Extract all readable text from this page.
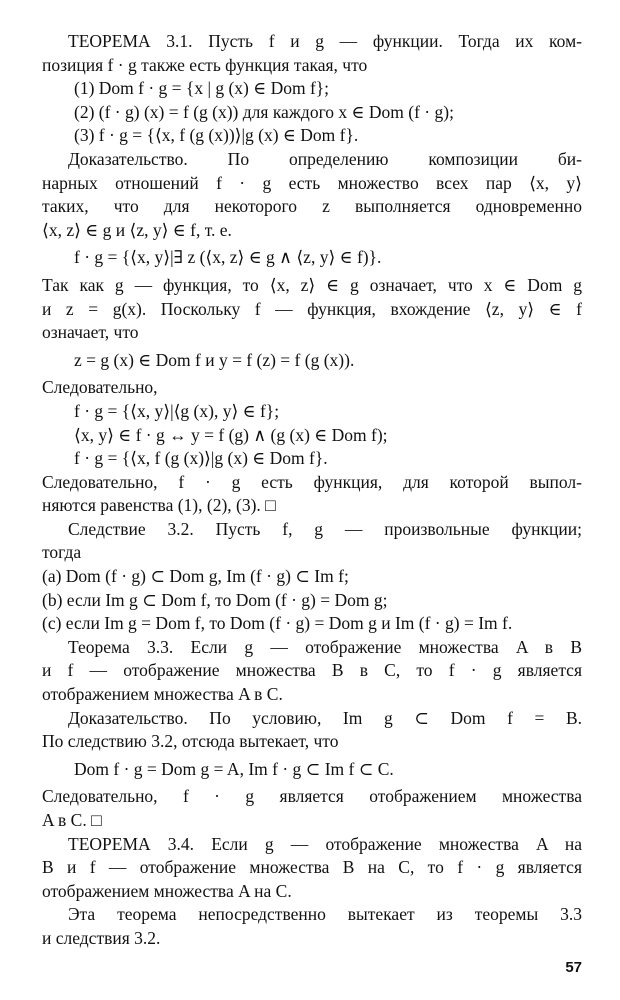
ТЕОРЕМА 3.1. Пусть f и g — функции. Тогда их ком-
позиция f · g также есть функция такая, что
(1) Dom f · g = {x | g (x) ∈ Dom f};
(2) (f · g) (x) = f (g (x)) для каждого x ∈ Dom (f · g);
(3) f · g = {⟨x, f (g (x))⟩|g (x) ∈ Dom f}.
Доказательство. По определению композиции би-
нарных отношений f · g есть множество всех пар ⟨x, y⟩
таких, что для некоторого z выполняется одновременно
⟨x, z⟩ ∈ g и ⟨z, y⟩ ∈ f, т. е.
f · g = {⟨x, y⟩|∃ z (⟨x, z⟩ ∈ g ∧ ⟨z, y⟩ ∈ f)}.
Так как g — функция, то ⟨x, z⟩ ∈ g означает, что x ∈ Dom g
и z = g(x). Поскольку f — функция, вхождение ⟨z, y⟩ ∈ f
означает, что
z = g (x) ∈ Dom f и y = f (z) = f (g (x)).
Следовательно,
f · g = {⟨x, y⟩|⟨g (x), y⟩ ∈ f};
⟨x, y⟩ ∈ f · g ↔ y = f (g) ∧ (g (x) ∈ Dom f);
f · g = {⟨x, f (g (x)⟩|g (x) ∈ Dom f}.
Следовательно, f · g есть функция, для которой выпол-
няются равенства (1), (2), (3). □
Следствие 3.2. Пусть f, g — произвольные функции;
тогда
(a) Dom (f · g) ⊂ Dom g, Im (f · g) ⊂ Im f;
(b) если Im g ⊂ Dom f, то Dom (f · g) = Dom g;
(c) если Im g = Dom f, то Dom (f · g) = Dom g и Im (f · g) = Im f.
Теорема 3.3. Если g — отображение множества A в B
и f — отображение множества B в C, то f · g является
отображением множества A в C.
Доказательство. По условию, Im g ⊂ Dom f = B.
По следствию 3.2, отсюда вытекает, что
Dom f · g = Dom g = A, Im f · g ⊂ Im f ⊂ C.
Следовательно, f · g является отображением множества
A в C. □
ТЕОРЕМА 3.4. Если g — отображение множества A на
B и f — отображение множества B на C, то f · g является
отображением множества A на C.
Эта теорема непосредственно вытекает из теоремы 3.3
и следствия 3.2.
57
